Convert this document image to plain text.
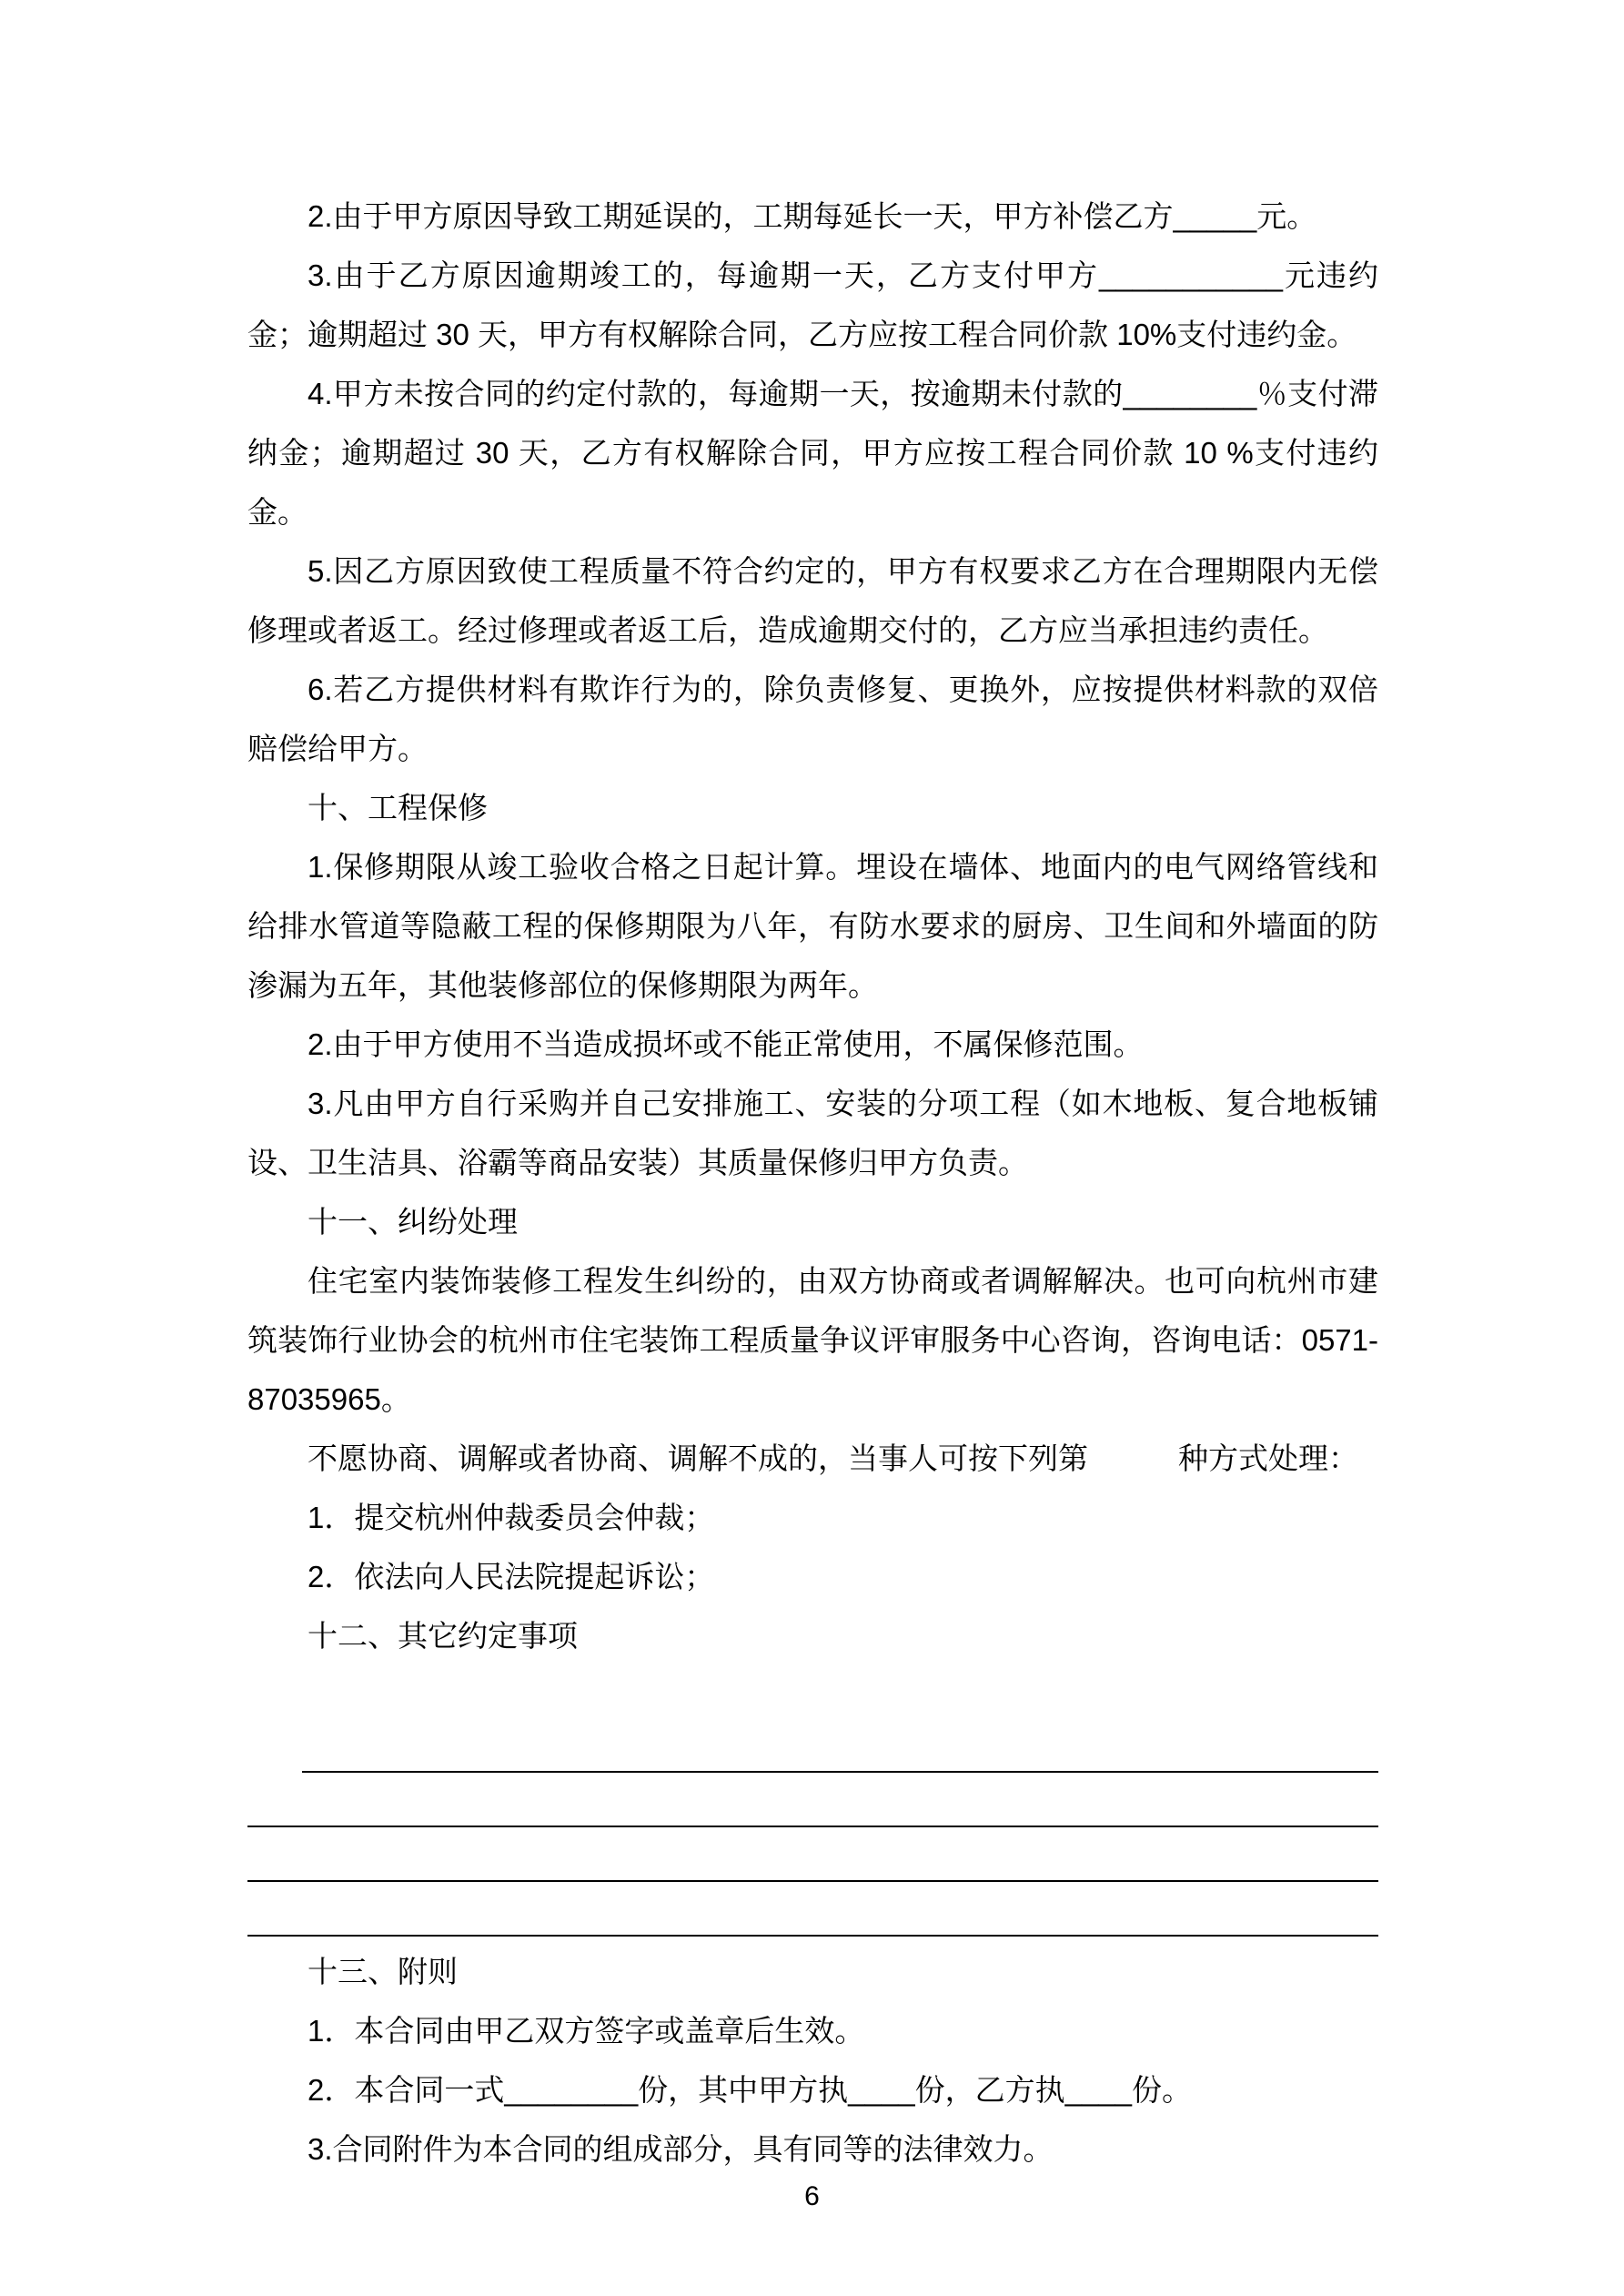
2.由于甲方原因导致工期延误的，工期每延长一天，甲方补偿乙方_____元。

3.由于乙方原因逾期竣工的，每逾期一天，乙方支付甲方___________元违约金；逾期超过 30 天，甲方有权解除合同，乙方应按工程合同价款 10%支付违约金。

4.甲方未按合同的约定付款的，每逾期一天，按逾期未付款的________％支付滞纳金；逾期超过 30 天，乙方有权解除合同，甲方应按工程合同价款 10 %支付违约金。

5.因乙方原因致使工程质量不符合约定的，甲方有权要求乙方在合理期限内无偿修理或者返工。经过修理或者返工后，造成逾期交付的，乙方应当承担违约责任。

6.若乙方提供材料有欺诈行为的，除负责修复、更换外，应按提供材料款的双倍赔偿给甲方。

十、工程保修

1.保修期限从竣工验收合格之日起计算。埋设在墙体、地面内的电气网络管线和给排水管道等隐蔽工程的保修期限为八年，有防水要求的厨房、卫生间和外墙面的防渗漏为五年，其他装修部位的保修期限为两年。

2.由于甲方使用不当造成损坏或不能正常使用，不属保修范围。

3.凡由甲方自行采购并自己安排施工、安装的分项工程（如木地板、复合地板铺设、卫生洁具、浴霸等商品安装）其质量保修归甲方负责。

十一、纠纷处理

住宅室内装饰装修工程发生纠纷的，由双方协商或者调解解决。也可向杭州市建筑装饰行业协会的杭州市住宅装饰工程质量争议评审服务中心咨询，咨询电话：0571-87035965。

不愿协商、调解或者协商、调解不成的，当事人可按下列第　　　种方式处理：

1．提交杭州仲裁委员会仲裁；

2．依法向人民法院提起诉讼；

十二、其它约定事项

十三、附则

1．本合同由甲乙双方签字或盖章后生效。

2．本合同一式________份，其中甲方执____份，乙方执____份。

3.合同附件为本合同的组成部分，具有同等的法律效力。

6
